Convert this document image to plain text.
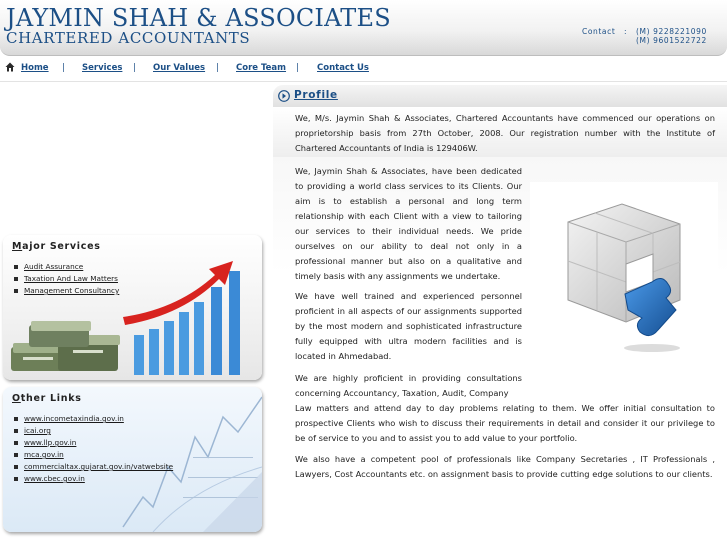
JAYMIN SHAH & ASSOCIATES
CHARTERED ACCOUNTANTS	Contact : (M) 9228221090
(M) 9601522722
Home | Services | Our Values | Core Team | Contact Us
Major Services
Audit Assurance
Taxation And Law Matters
Management Consultancy
Other Links
www.incometaxindia.gov.in
icai.org
www.llp.gov.in
mca.gov.in
commercialtax.gujarat.gov.in/vatwebsite
www.cbec.gov.in
Profile
We, M/s. Jaymin Shah & Associates, Chartered Accountants have commenced our operations on proprietorship basis from 27th October, 2008. Our registration number with the Institute of Chartered Accountants of India is 129406W.
We, Jaymin Shah & Associates, have been dedicated to providing a world class services to its Clients. Our aim is to establish a personal and long term relationship with each Client with a view to tailoring our services to their individual needs. We pride ourselves on our ability to deal not only in a professional manner but also on a qualitative and timely basis with any assignments we undertake.
We have well trained and experienced personnel proficient in all aspects of our assignments supported by the most modern and sophisticated infrastructure fully equipped with ultra modern facilities and is located in Ahmedabad.
We are highly proficient in providing consultations concerning Accountancy, Taxation, Audit, Company
Law matters and attend day to day problems relating to them. We offer initial consultation to prospective Clients who wish to discuss their requirements in detail and consider it our privilege to be of service to you and to assist you to add value to your portfolio.
We also have a competent pool of professionals like Company Secretaries , IT Professionals , Lawyers, Cost Accountants etc. on assignment basis to provide cutting edge solutions to our clients.
